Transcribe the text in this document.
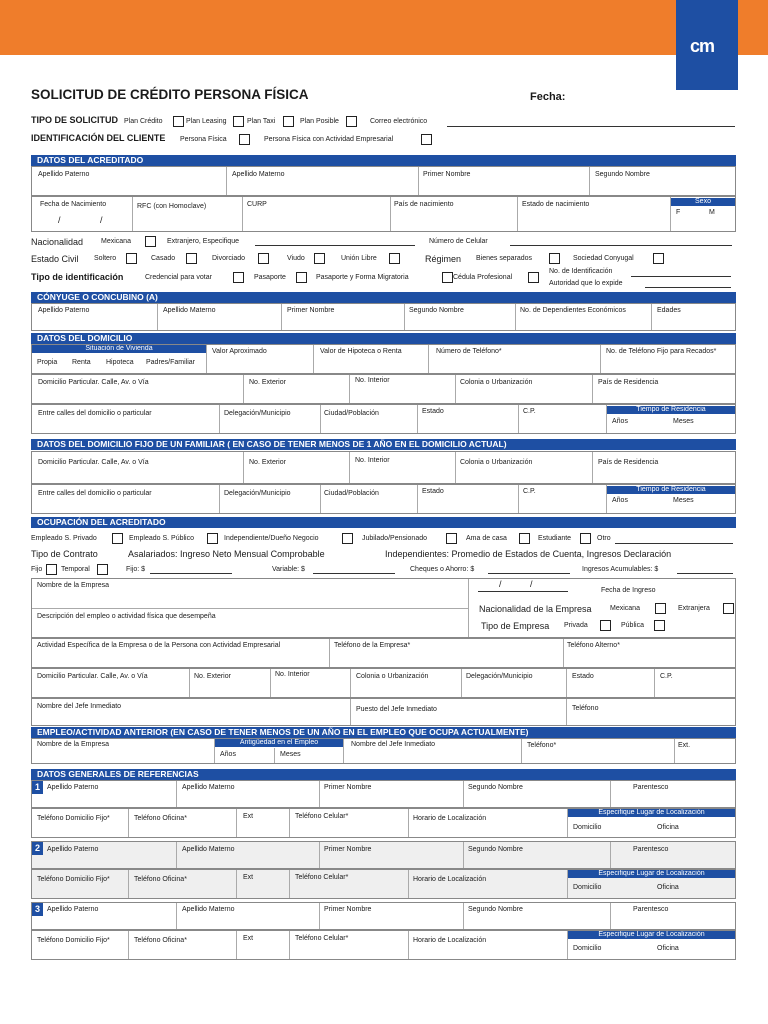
cm
SOLICITUD DE CRÉDITO PERSONA FÍSICA	Fecha:
TIPO DE SOLICITUD Plan Crédito	Plan Leasing	Plan Taxi	Plan Posible	Correo electrónico
IDENTIFICACIÓN DEL CLIENTE Persona Física	Persona Física con Actividad Empresarial
DATOS DEL ACREDITADO
Apellido Paterno	Apellido Materno	Primer Nombre	Segundo Nombre
Fecha de Nacimiento
/	/
RFC (con Homoclave)	CURP	País de nacimiento	Estado de nacimiento	Sexo
F	M
Nacionalidad	Mexicana	Extranjero, Especifique	Número de Celular
Estado Civil Soltero	Casado	Divorciado	Viudo	Unión Libre	Régimen Bienes separados	Sociedad Conyugal
Tipo de identificación	Credencial para votar	Pasaporte	Pasaporte y Forma Migratoria	Cédula Profesional
No. de Identificación
Autoridad que lo expide
CÓNYUGE O CONCUBINO (A)
Apellido Paterno	Apellido Materno	Primer Nombre	Segundo Nombre	No. de Dependientes Económicos	Edades
DATOS DEL DOMICILIO
Situación de Vivienda
Propia Renta Hipoteca Padres/Familiar
Valor Aproximado	Valor de Hipoteca o Renta	Número de Teléfono*	No. de Teléfono Fijo para Recados*
Domicilio Particular. Calle, Av. o Vía	No. Exterior	No. Interior	Colonia o Urbanización	País de Residencia
Entre calles del domicilio o particular	Delegación/Municipio	Ciudad/Población	Estado	C.P.	Tiempo de Residencia
Años	Meses
DATOS DEL DOMICILIO FIJO DE UN FAMILIAR ( EN CASO DE TENER MENOS DE 1 AÑO EN EL DOMICILIO ACTUAL)
Domicilio Particular. Calle, Av. o Vía	No. Exterior	No. Interior	Colonia o Urbanización	País de Residencia
Entre calles del domicilio o particular	Delegación/Municipio	Ciudad/Población	Estado	C.P.	Tiempo de Residencia
Años	Meses
OCUPACIÓN DEL ACREDITADO
Empleado S. Privado	Empleado S. Público	Independiente/Dueño Negocio	Jubilado/Pensionado	Ama de casa	Estudiante	Otro
Tipo de Contrato	Asalariados: Ingreso Neto Mensual Comprobable	Independientes: Promedio de Estados de Cuenta, Ingresos Declaración
Fijo	Temporal	Fijo: $	Variable: $	Cheques o Ahorro: $	Ingresos Acumulables: $
Nombre de la Empresa
Descripción del empleo o actividad física que desempeña
/	/
Fecha de Ingreso
Nacionalidad de la Empresa	Mexicana	Extranjera
Tipo de Empresa Privada	Pública
Actividad Específica de la Empresa o de la Persona con Actividad Empresarial	Teléfono de la Empresa*	Teléfono Alterno*
Domicilio Particular. Calle, Av. o Vía	No. Exterior	No. Interior	Colonia o Urbanización	Delegación/Municipio	Estado	C.P.
Nombre del Jefe Inmediato	Puesto del Jefe Inmediato	Teléfono
EMPLEO/ACTIVIDAD ANTERIOR (EN CASO DE TENER MENOS DE UN AÑO EN EL EMPLEO QUE OCUPA ACTUALMENTE)
Nombre de la Empresa	Antigüedad en el Empleo
Años	Meses
Nombre del Jefe Inmediato	Teléfono*	Ext.
DATOS GENERALES DE REFERENCIAS
1	Apellido Paterno	Apellido Materno	Primer Nombre	Segundo Nombre	Parentesco
Teléfono Domicilio Fijo*	Teléfono Oficina*	Ext	Teléfono Celular*	Horario de Localización
Especifique Lugar de Localización
Domicilio	Oficina
2	Apellido Paterno	Apellido Materno	Primer Nombre	Segundo Nombre	Parentesco
Teléfono Domicilio Fijo*	Teléfono Oficina*	Ext	Teléfono Celular*	Horario de Localización
Especifique Lugar de Localización
Domicilio	Oficina
3	Apellido Paterno	Apellido Materno	Primer Nombre	Segundo Nombre	Parentesco
Teléfono Domicilio Fijo*	Teléfono Oficina*	Ext	Teléfono Celular*	Horario de Localización
Especifique Lugar de Localización
Domicilio	Oficina
